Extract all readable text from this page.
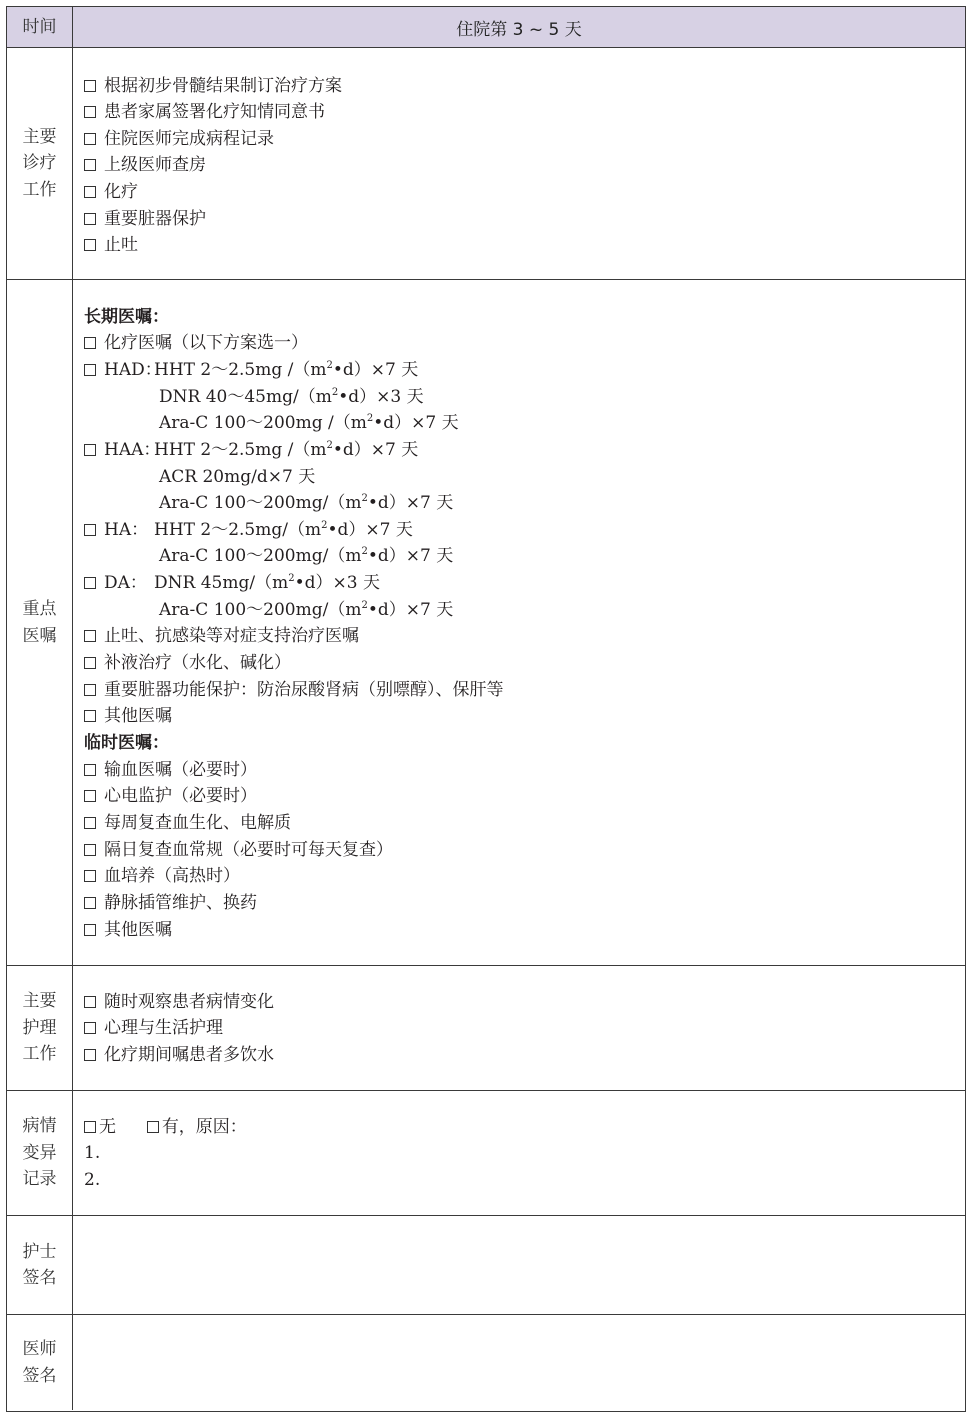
时间	住院第 3 ~ 5 天
主要诊疗工作
根据初步骨髓结果制订治疗方案
患者家属签署化疗知情同意书
住院医师完成病程记录
上级医师查房
化疗
重要脏器保护
止吐
重点医嘱
长期医嘱：
化疗医嘱（以下方案选一）
HAD：HHT 2～2.5mg $/(m^2•d)\times 7$ 天
DNR $40\sim 45mg/(m^2•d)\times 3$ 天
Ara-C 100～200mg $/(m^2•d)\times 7$ 天
HAA：HHT 2～2.5mg $/(m^2•d)\times 7$ 天
ACR 20mg/d×7 天
Ara-C $100\sim 200mg/(m^2•d)\times 7$ 天
HA： HHT $2\sim 2.5mg/(m^2•d)\times 7$ 天
Ara-C $100\sim 200mg/(m^2•d)\times 7$ 天
DA： DNR $45mg/(m^2•d)\times 3$ 天
Ara-C $100\sim 200mg/(m^2•d)\times 7$ 天
止吐、抗感染等对症支持治疗医嘱
补液治疗（水化、碱化）
重要脏器功能保护：防治尿酸肾病（别嘌醇）、保肝等
其他医嘱
临时医嘱：
输血医嘱（必要时）
心电监护（必要时）
每周复查血生化、电解质
隔日复查血常规（必要时可每天复查）
血培养（高热时）
静脉插管维护、换药
其他医嘱
主要护理工作
随时观察患者病情变化
心理与生活护理
化疗期间嘱患者多饮水
病情变异记录
无	有，原因：
1.
2.
护士签名
医师签名
